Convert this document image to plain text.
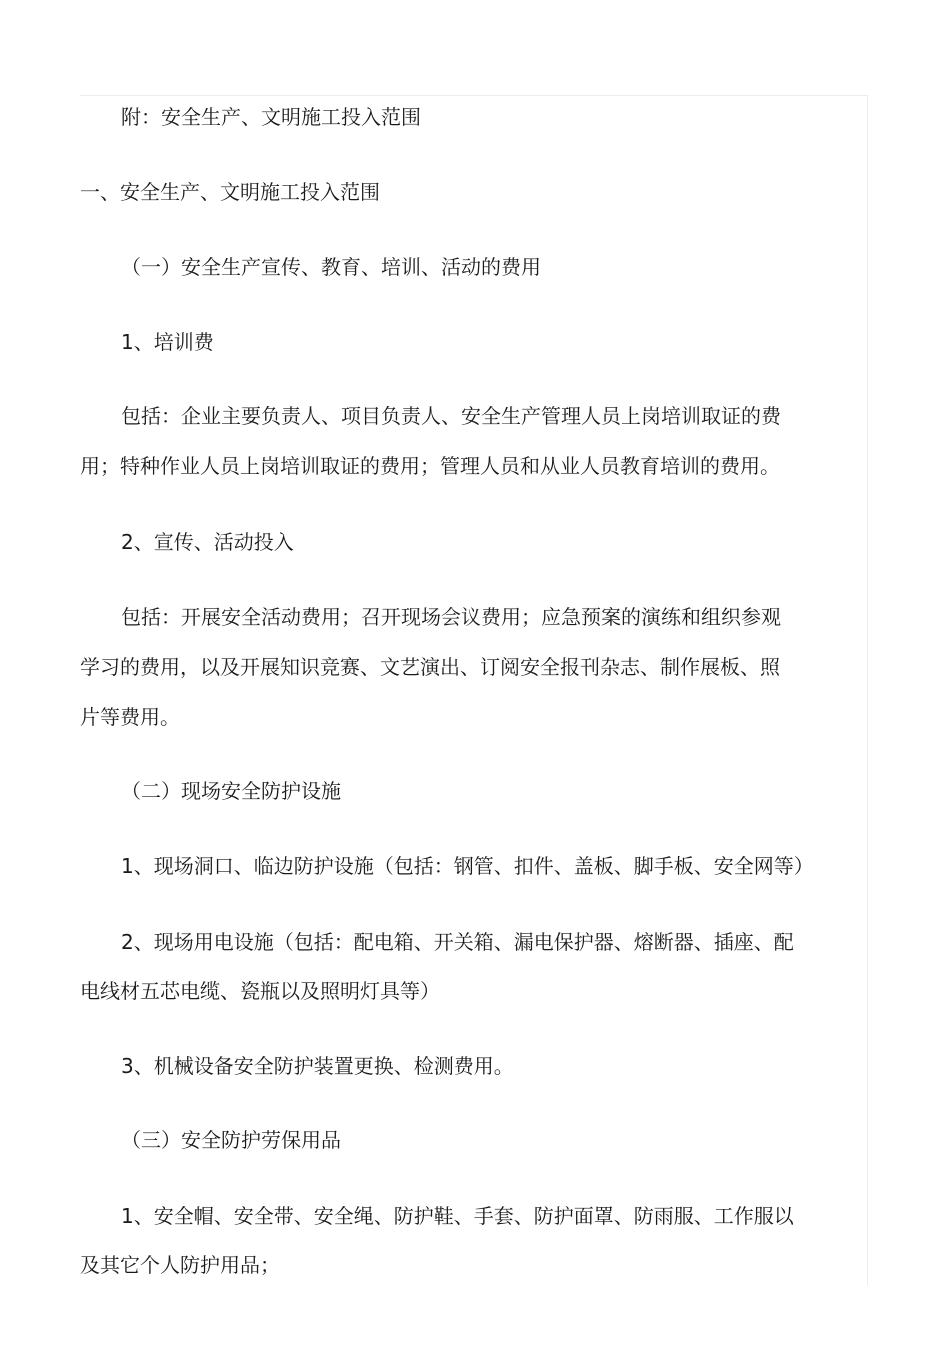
附：安全生产、文明施工投入范围

一、安全生产、文明施工投入范围

（一）安全生产宣传、教育、培训、活动的费用

1、培训费

包括：企业主要负责人、项目负责人、安全生产管理人员上岗培训取证的费

用；特种作业人员上岗培训取证的费用；管理人员和从业人员教育培训的费用。

2、宣传、活动投入

包括：开展安全活动费用；召开现场会议费用；应急预案的演练和组织参观

学习的费用，以及开展知识竞赛、文艺演出、订阅安全报刊杂志、制作展板、照

片等费用。

（二）现场安全防护设施

1、现场洞口、临边防护设施（包括：钢管、扣件、盖板、脚手板、安全网等）

2、现场用电设施（包括：配电箱、开关箱、漏电保护器、熔断器、插座、配

电线材五芯电缆、瓷瓶以及照明灯具等）

3、机械设备安全防护装置更换、检测费用。

（三）安全防护劳保用品

1、安全帽、安全带、安全绳、防护鞋、手套、防护面罩、防雨服、工作服以

及其它个人防护用品；
